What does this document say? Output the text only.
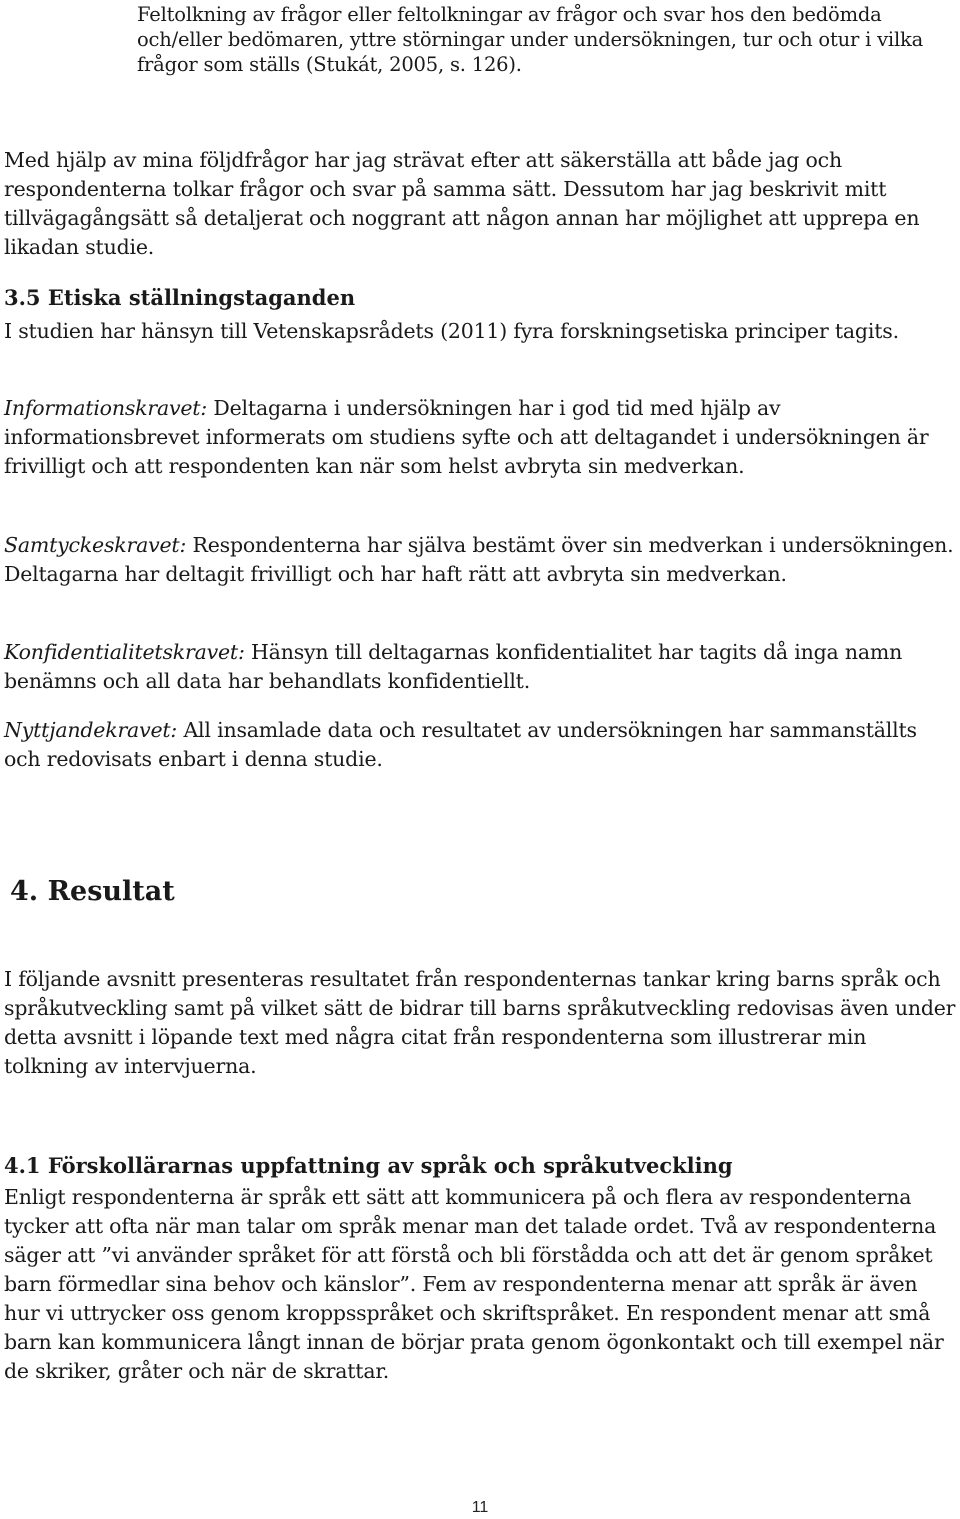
Feltolkning av frågor eller feltolkningar av frågor och svar hos den bedömda och/eller bedömaren, yttre störningar under undersökningen, tur och otur i vilka frågor som ställs (Stukát, 2005, s. 126).

Med hjälp av mina följdfrågor har jag strävat efter att säkerställa att både jag och respondenterna tolkar frågor och svar på samma sätt. Dessutom har jag beskrivit mitt tillvägagångsätt så detaljerat och noggrant att någon annan har möjlighet att upprepa en likadan studie.

3.5 Etiska ställningstaganden

I studien har hänsyn till Vetenskapsrådets (2011) fyra forskningsetiska principer tagits.

Informationskravet: Deltagarna i undersökningen har i god tid med hjälp av informationsbrevet informerats om studiens syfte och att deltagandet i undersökningen är frivilligt och att respondenten kan när som helst avbryta sin medverkan.

Samtyckeskravet: Respondenterna har själva bestämt över sin medverkan i undersökningen. Deltagarna har deltagit frivilligt och har haft rätt att avbryta sin medverkan.

Konfidentialitetskravet: Hänsyn till deltagarnas konfidentialitet har tagits då inga namn benämns och all data har behandlats konfidentiellt.

Nyttjandekravet: All insamlade data och resultatet av undersökningen har sammanställts och redovisats enbart i denna studie.

4. Resultat

I följande avsnitt presenteras resultatet från respondenternas tankar kring barns språk och språkutveckling samt på vilket sätt de bidrar till barns språkutveckling redovisas även under detta avsnitt i löpande text med några citat från respondenterna som illustrerar min tolkning av intervjuerna.

4.1 Förskollärarnas uppfattning av språk och språkutveckling

Enligt respondenterna är språk ett sätt att kommunicera på och flera av respondenterna tycker att ofta när man talar om språk menar man det talade ordet. Två av respondenterna säger att ”vi använder språket för att förstå och bli förstådda och att det är genom språket barn förmedlar sina behov och känslor”. Fem av respondenterna menar att språk är även hur vi uttrycker oss genom kroppsspråket och skriftspråket. En respondent menar att små barn kan kommunicera långt innan de börjar prata genom ögonkontakt och till exempel när de skriker, gråter och när de skrattar.

11
